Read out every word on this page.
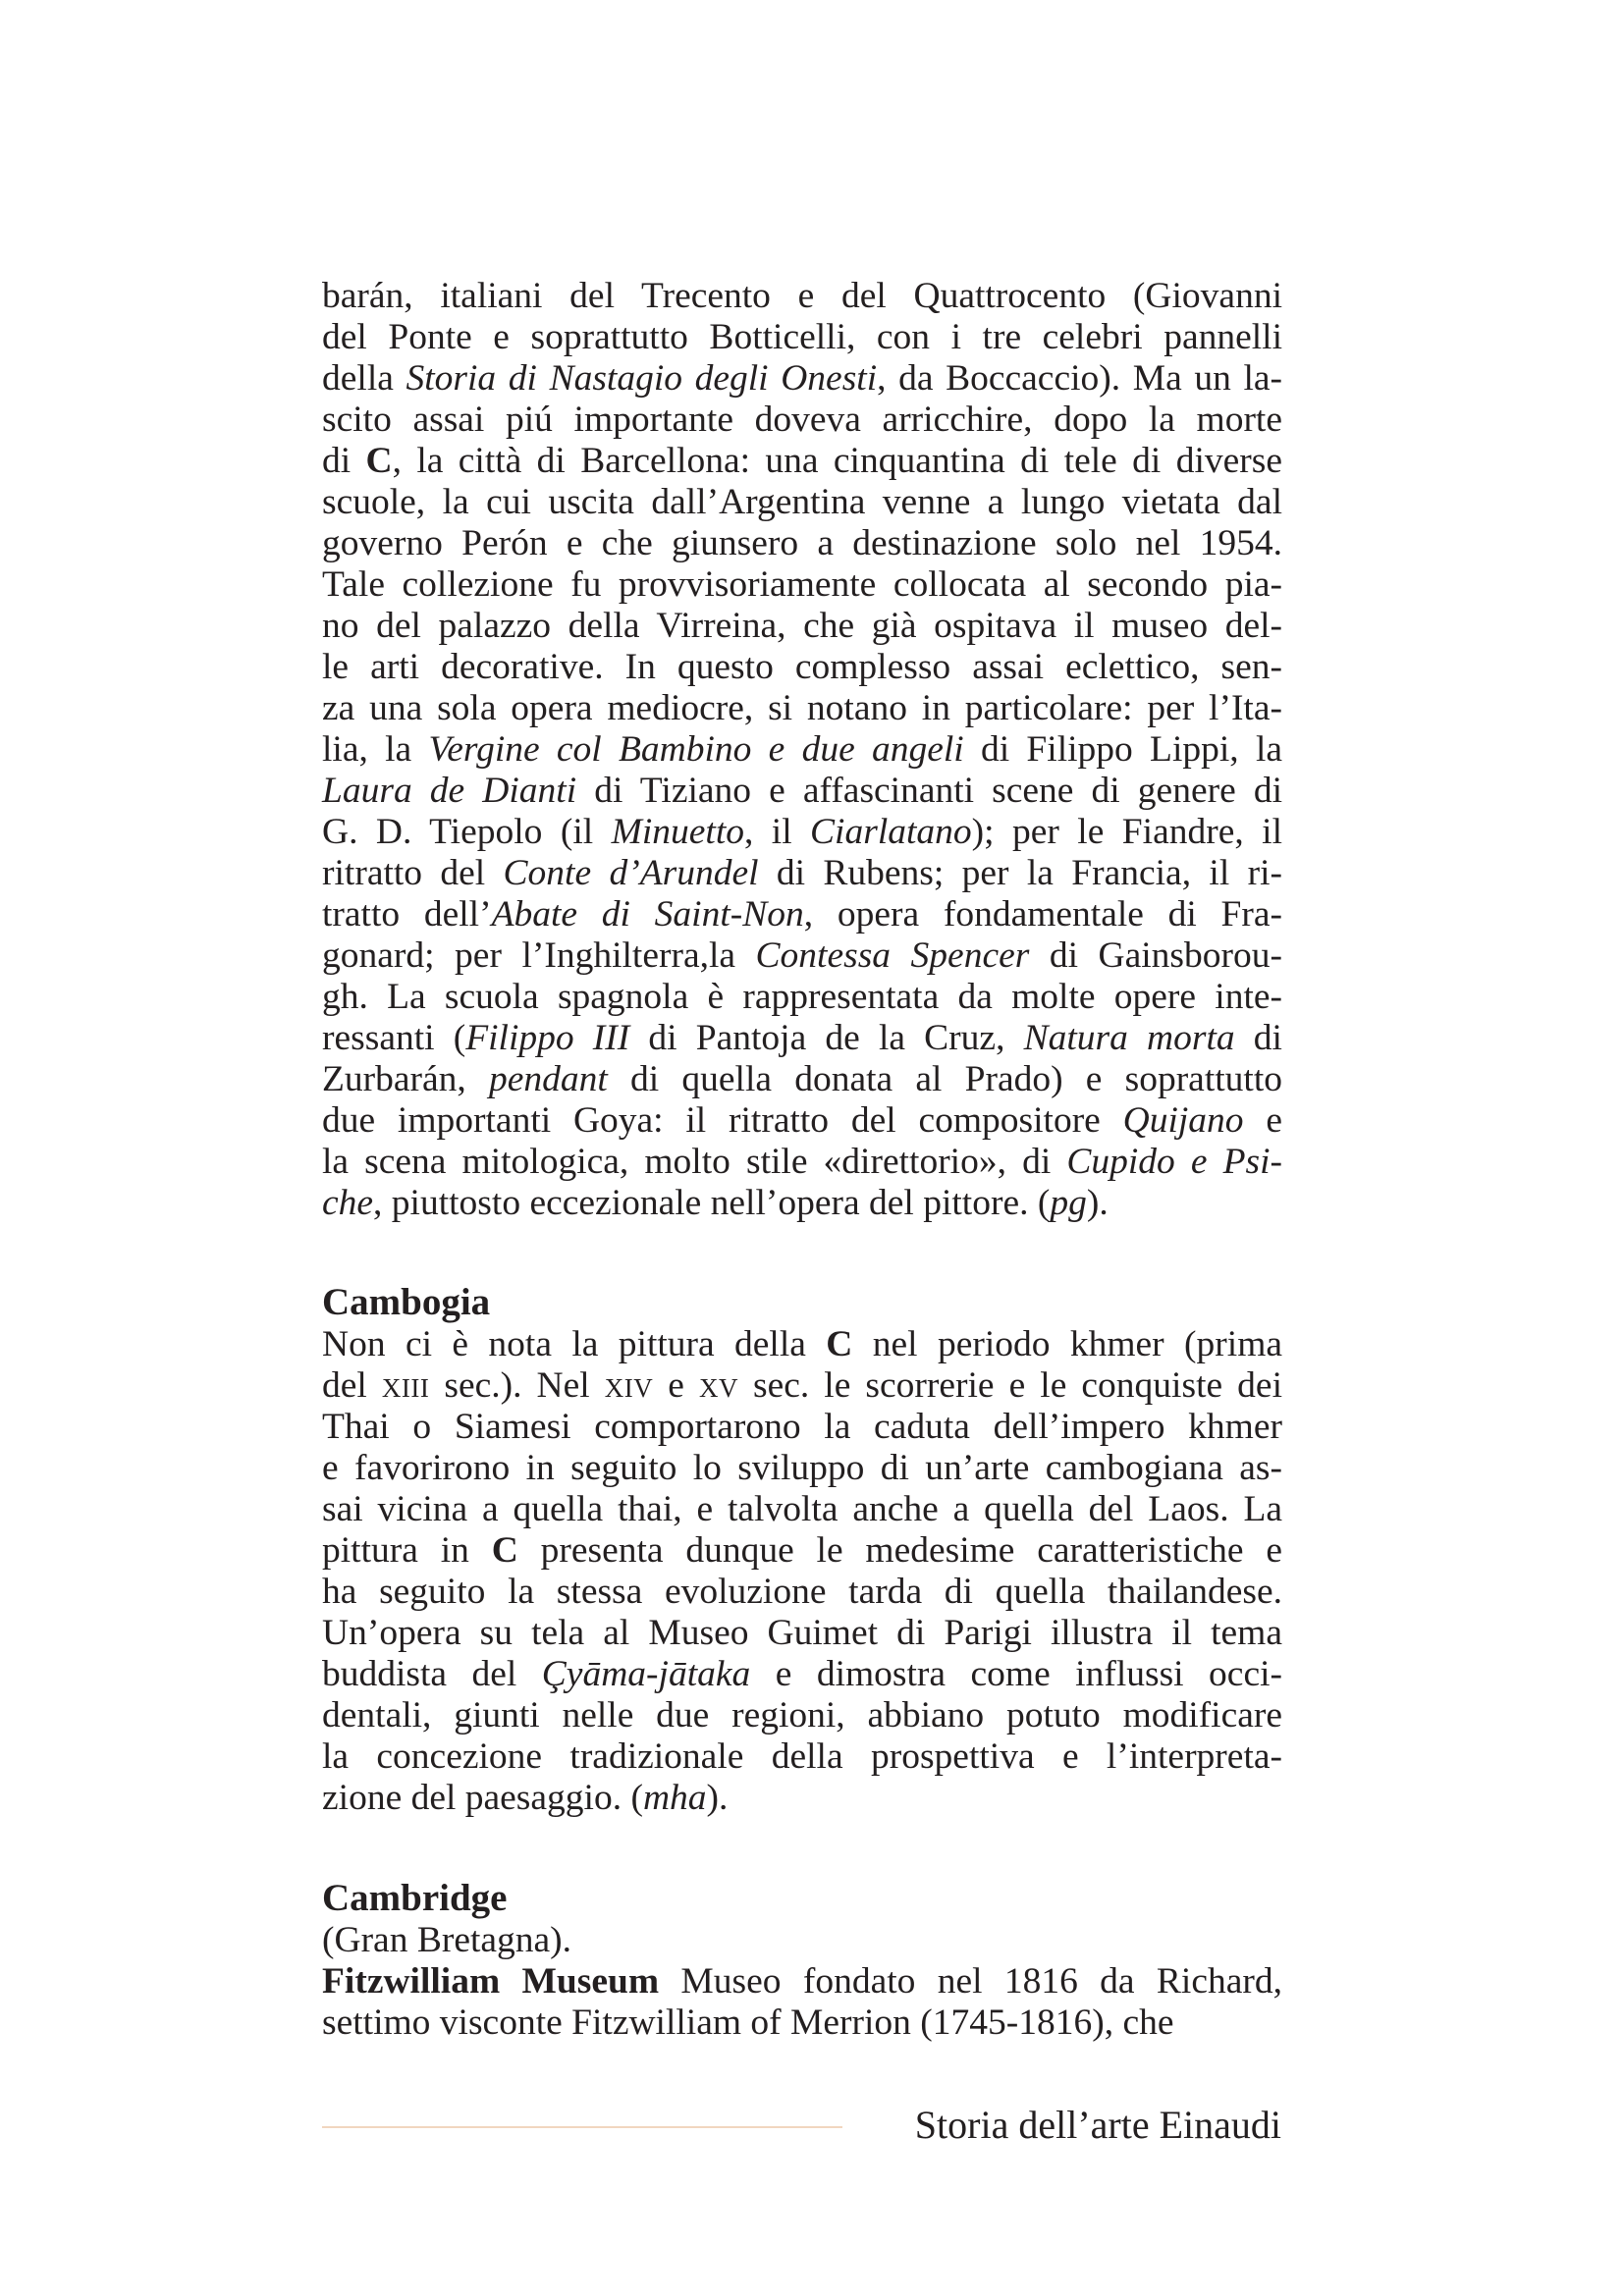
barán, italiani del Trecento e del Quattrocento (Giovanni
del Ponte e soprattutto Botticelli, con i tre celebri pannelli
della Storia di Nastagio degli Onesti, da Boccaccio). Ma un la-
scito assai piú importante doveva arricchire, dopo la morte
di C, la città di Barcellona: una cinquantina di tele di diverse
scuole, la cui uscita dall’Argentina venne a lungo vietata dal
governo Perón e che giunsero a destinazione solo nel 1954.
Tale collezione fu provvisoriamente collocata al secondo pia-
no del palazzo della Virreina, che già ospitava il museo del-
le arti decorative. In questo complesso assai eclettico, sen-
za una sola opera mediocre, si notano in particolare: per l’Ita-
lia, la Vergine col Bambino e due angeli di Filippo Lippi, la
Laura de Dianti di Tiziano e affascinanti scene di genere di
G. D. Tiepolo (il Minuetto, il Ciarlatano); per le Fiandre, il
ritratto del Conte d’Arundel di Rubens; per la Francia, il ri-
tratto dell’Abate di Saint-Non, opera fondamentale di Fra-
gonard; per l’Inghilterra,la Contessa Spencer di Gainsborou-
gh. La scuola spagnola è rappresentata da molte opere inte-
ressanti (Filippo III di Pantoja de la Cruz, Natura morta di
Zurbarán, pendant di quella donata al Prado) e soprattutto
due importanti Goya: il ritratto del compositore Quijano e
la scena mitologica, molto stile «direttorio», di Cupido e Psi-
che, piuttosto eccezionale nell’opera del pittore. (pg).
Cambogia
Non ci è nota la pittura della C nel periodo khmer (prima
del XIII sec.). Nel XIV e XV sec. le scorrerie e le conquiste dei
Thai o Siamesi comportarono la caduta dell’impero khmer
e favorirono in seguito lo sviluppo di un’arte cambogiana as-
sai vicina a quella thai, e talvolta anche a quella del Laos. La
pittura in C presenta dunque le medesime caratteristiche e
ha seguito la stessa evoluzione tarda di quella thailandese.
Un’opera su tela al Museo Guimet di Parigi illustra il tema
buddista del Çyāma-jātaka e dimostra come influssi occi-
dentali, giunti nelle due regioni, abbiano potuto modificare
la concezione tradizionale della prospettiva e l’interpreta-
zione del paesaggio. (mha).
Cambridge
(Gran Bretagna).
Fitzwilliam Museum Museo fondato nel 1816 da Richard,
settimo visconte Fitzwilliam of Merrion (1745-1816), che
Storia dell’arte Einaudi
